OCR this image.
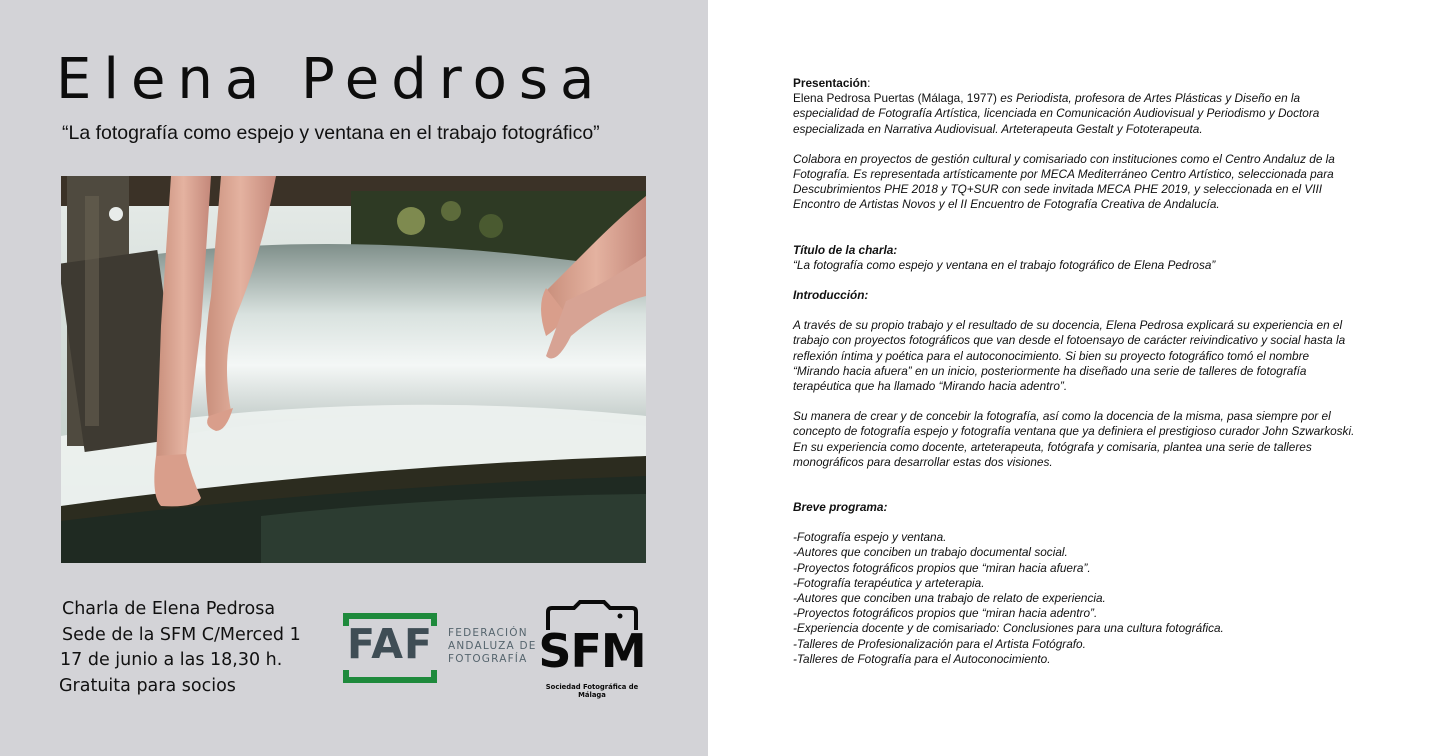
Elena Pedrosa
“La fotografía como espejo y ventana en el trabajo fotográfico”
Charla de Elena Pedrosa
Sede de la SFM C/Merced 1
17 de junio a las 18,30 h.
Gratuita para socios
FAF	FEDERACIÓN
ANDALUZA DE
FOTOGRAFÍA SFM
Sociedad Fotográfica de Málaga

Presentación:

Elena Pedrosa Puertas (Málaga, 1977) es Periodista, profesora de Artes Plásticas y Diseño en la especialidad de Fotografía Artística, licenciada en Comunicación Audiovisual y Periodismo y Doctora especializada en Narrativa Audiovisual. Arteterapeuta Gestalt y Fototerapeuta.

Colabora en proyectos de gestión cultural y comisariado con instituciones como el Centro Andaluz de la Fotografía. Es representada artísticamente por MECA Mediterráneo Centro Artístico, seleccionada para Descubrimientos PHE 2018 y TQ+SUR con sede invitada MECA PHE 2019, y seleccionada en el VIII Encontro de Artistas Novos y el II Encuentro de Fotografía Creativa de Andalucía.

Título de la charla:

“La fotografía como espejo y ventana en el trabajo fotográfico de Elena Pedrosa”

Introducción:

A través de su propio trabajo y el resultado de su docencia, Elena Pedrosa explicará su experiencia en el trabajo con proyectos fotográficos que van desde el fotoensayo de carácter reivindicativo y social hasta la reflexión íntima y poética para el autoconocimiento. Si bien su proyecto fotográfico tomó el nombre “Mirando hacia afuera” en un inicio, posteriormente ha diseñado una serie de talleres de fotografía terapéutica que ha llamado “Mirando hacia adentro”.

Su manera de crear y de concebir la fotografía, así como la docencia de la misma, pasa siempre por el concepto de fotografía espejo y fotografía ventana que ya definiera el prestigioso curador John Szwarkoski. En su experiencia como docente, arteterapeuta, fotógrafa y comisaria, plantea una serie de talleres monográficos para desarrollar estas dos visiones.

Breve programa:

-Fotografía espejo y ventana.
-Autores que conciben un trabajo documental social.
-Proyectos fotográficos propios que “miran hacia afuera”.
-Fotografía terapéutica y arteterapia.
-Autores que conciben una trabajo de relato de experiencia.
-Proyectos fotográficos propios que “miran hacia adentro”.
-Experiencia docente y de comisariado: Conclusiones para una cultura fotográfica.
-Talleres de Profesionalización para el Artista Fotógrafo.
-Talleres de Fotografía para el Autoconocimiento.
